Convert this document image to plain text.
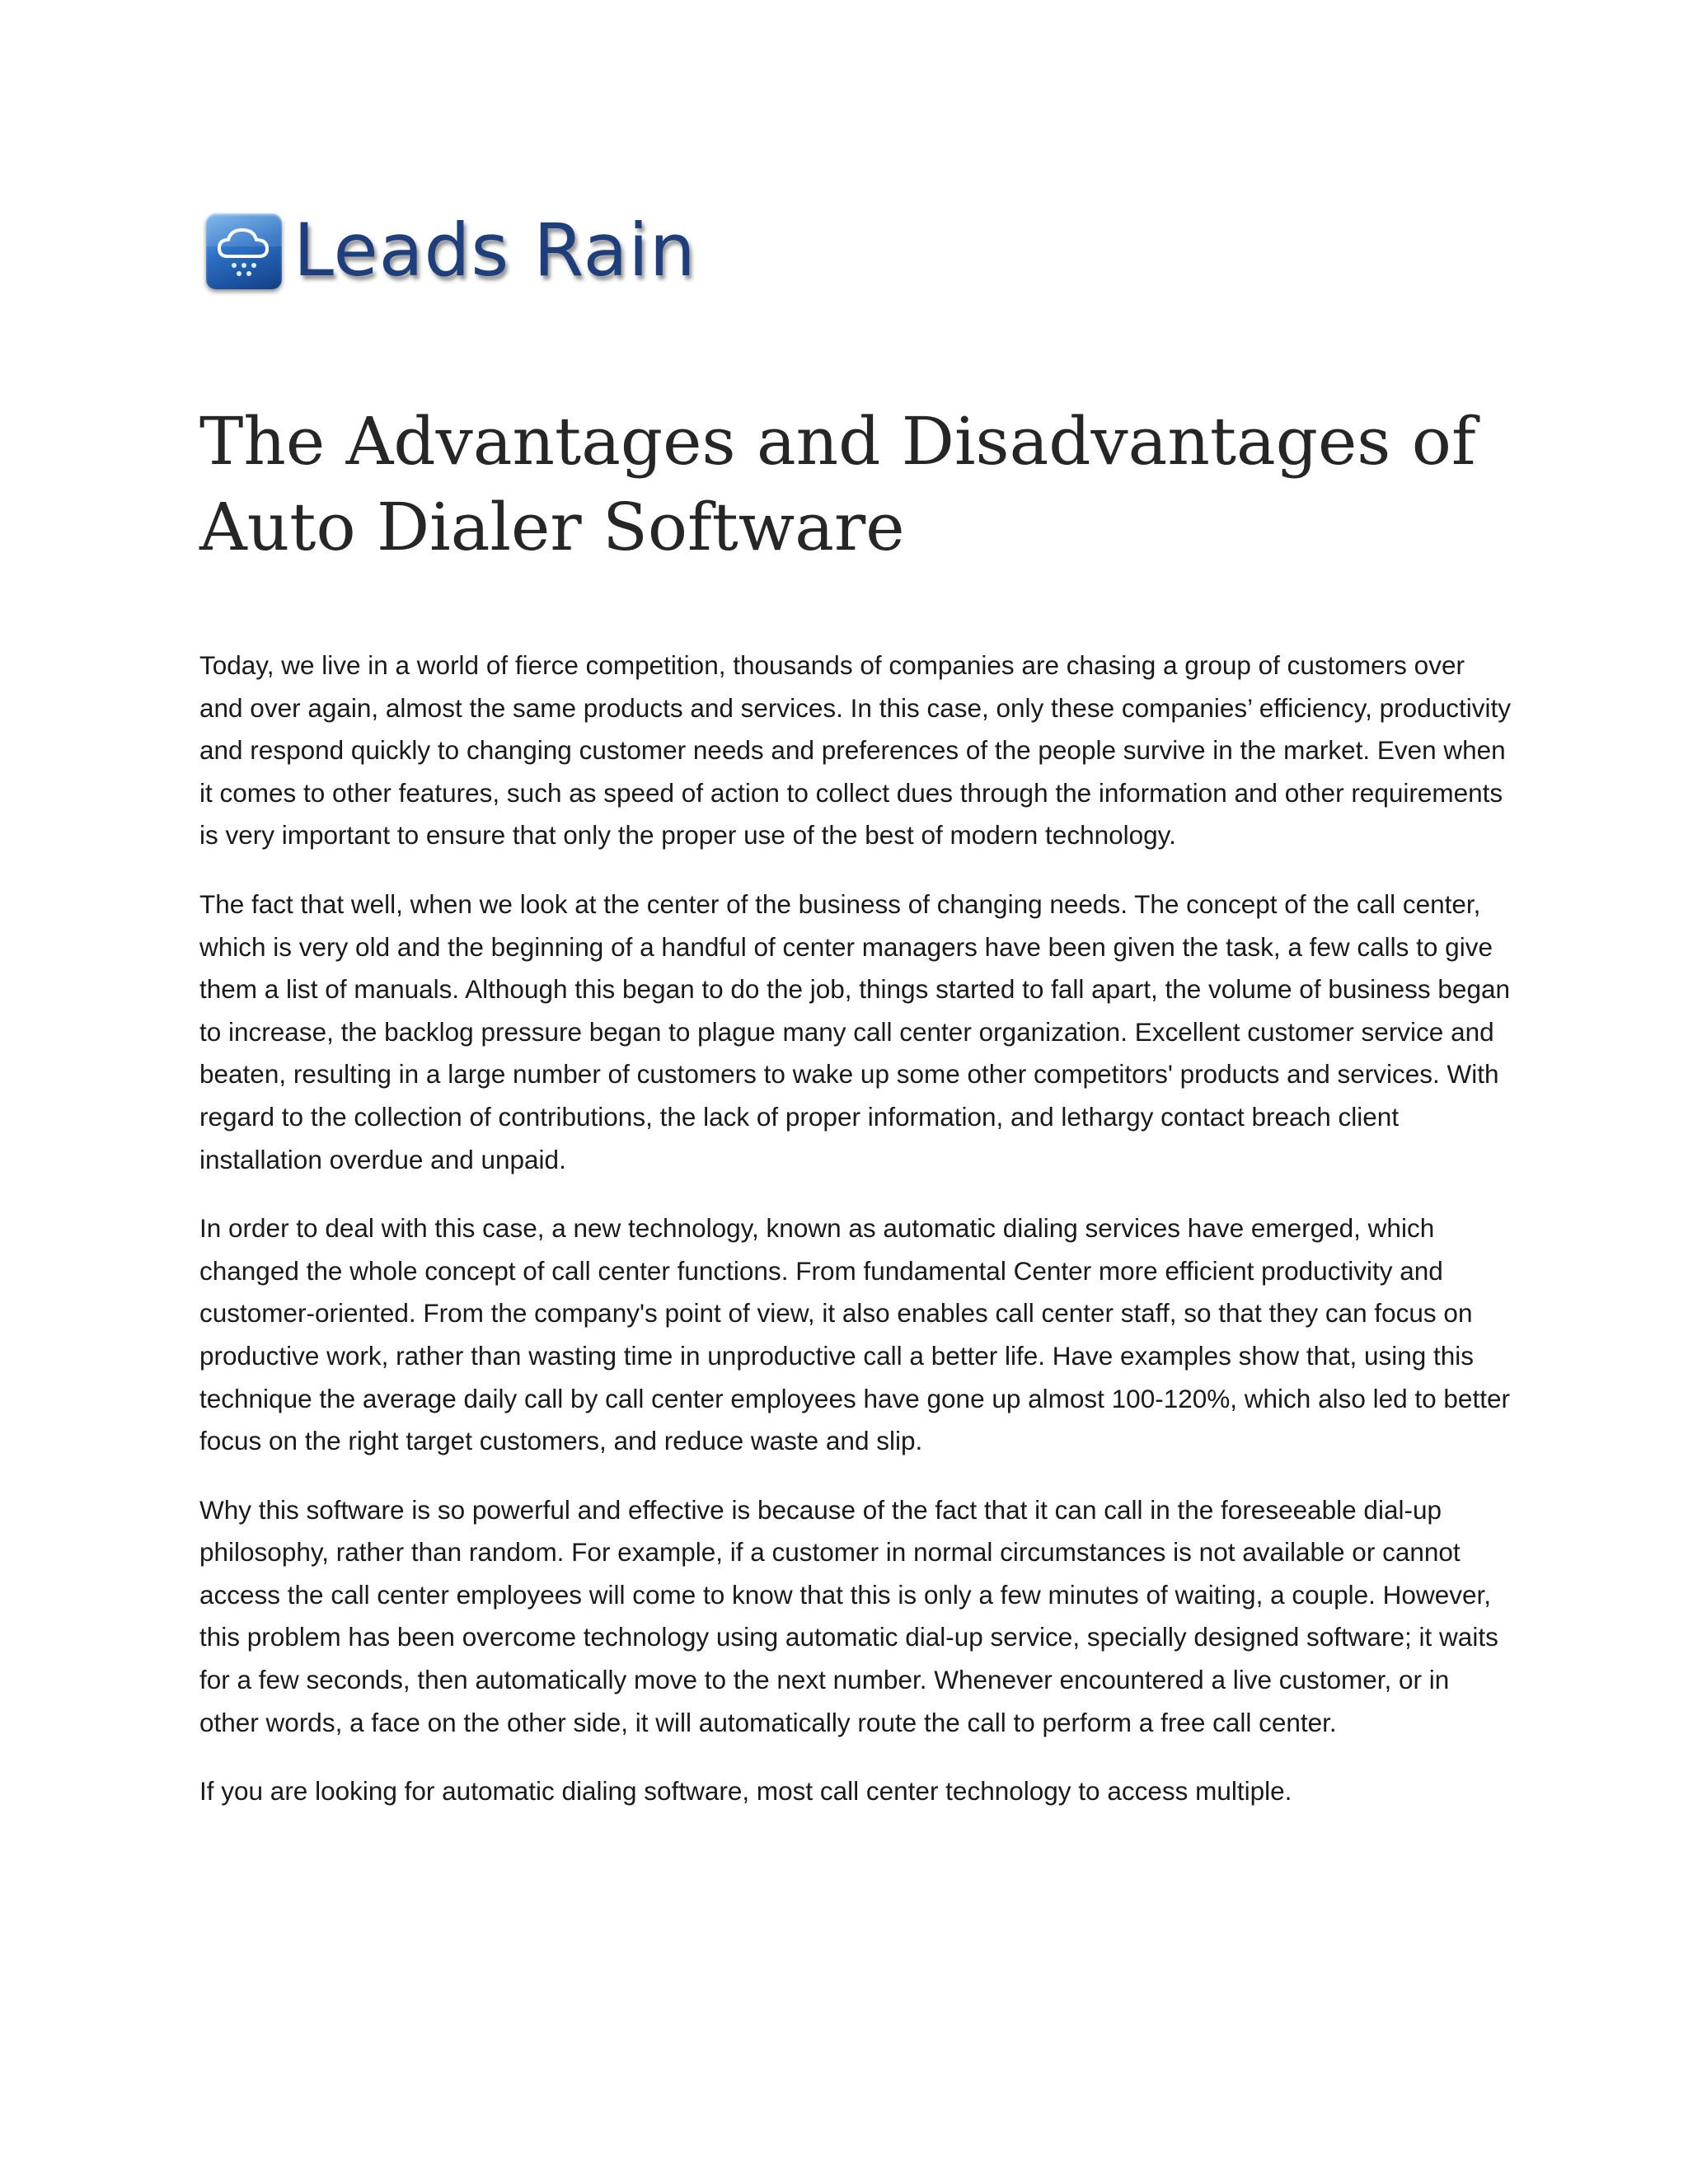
Leads Rain
The Advantages and Disadvantages of Auto Dialer Software

Today, we live in a world of fierce competition, thousands of companies are chasing a group of customers over and over again, almost the same products and services. In this case, only these companies’ efficiency, productivity and respond quickly to changing customer needs and preferences of the people survive in the market. Even when it comes to other features, such as speed of action to collect dues through the information and other requirements is very important to ensure that only the proper use of the best of modern technology.

The fact that well, when we look at the center of the business of changing needs. The concept of the call center, which is very old and the beginning of a handful of center managers have been given the task, a few calls to give them a list of manuals. Although this began to do the job, things started to fall apart, the volume of business began to increase, the backlog pressure began to plague many call center organization. Excellent customer service and beaten, resulting in a large number of customers to wake up some other competitors' products and services. With regard to the collection of contributions, the lack of proper information, and lethargy contact breach client installation overdue and unpaid.

In order to deal with this case, a new technology, known as automatic dialing services have emerged, which changed the whole concept of call center functions. From fundamental Center more efficient productivity and customer-oriented. From the company's point of view, it also enables call center staff, so that they can focus on productive work, rather than wasting time in unproductive call a better life. Have examples show that, using this technique the average daily call by call center employees have gone up almost 100-120%, which also led to better focus on the right target customers, and reduce waste and slip.

Why this software is so powerful and effective is because of the fact that it can call in the foreseeable dial-up philosophy, rather than random. For example, if a customer in normal circumstances is not available or cannot access the call center employees will come to know that this is only a few minutes of waiting, a couple. However, this problem has been overcome technology using automatic dial-up service, specially designed software; it waits for a few seconds, then automatically move to the next number. Whenever encountered a live customer, or in other words, a face on the other side, it will automatically route the call to perform a free call center.

If you are looking for automatic dialing software, most call center technology to access multiple.
